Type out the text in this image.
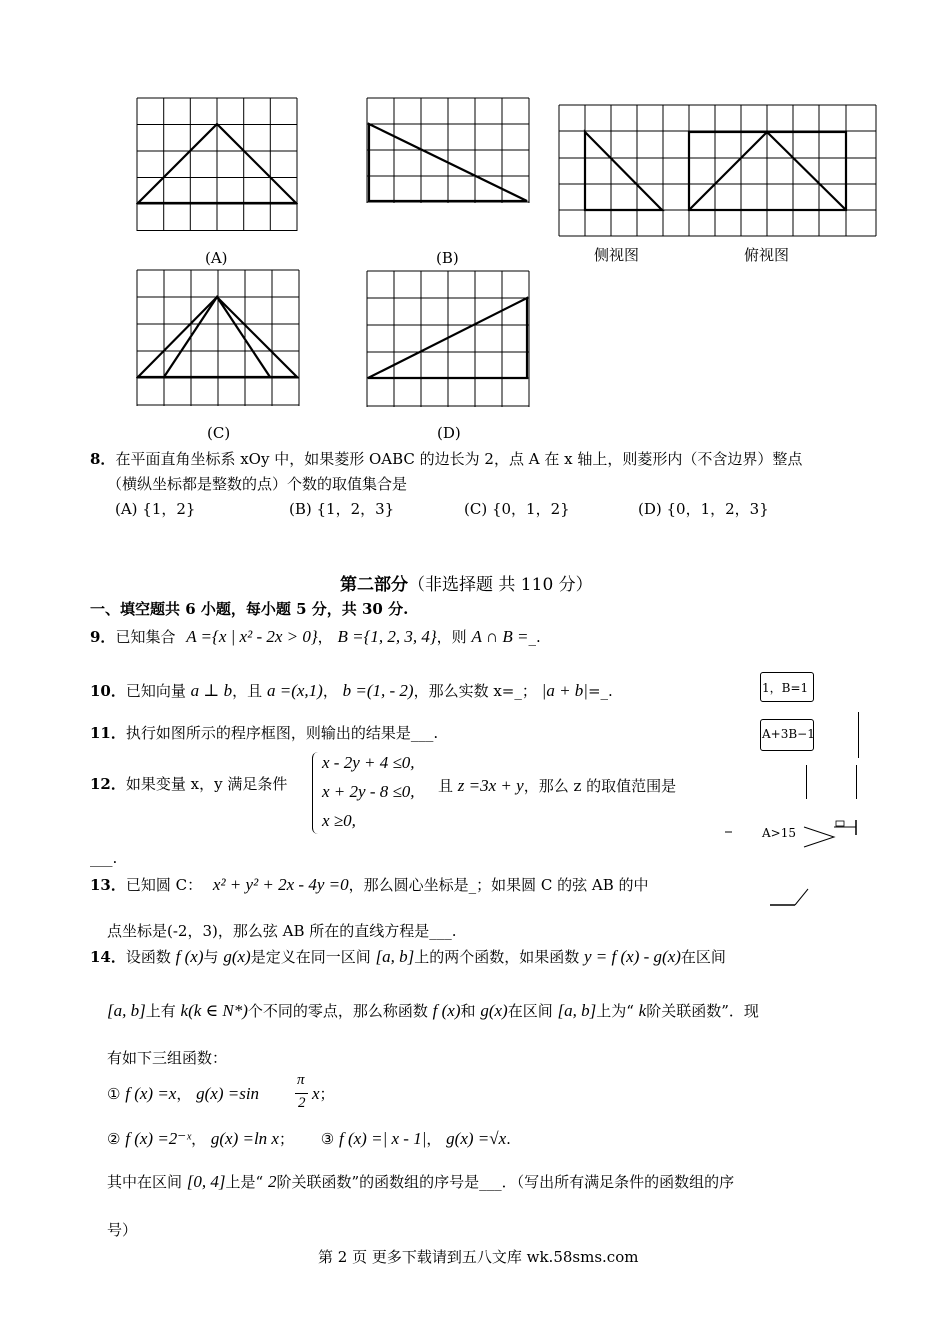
(A)	(B)	侧视图	俯视图
(C)	(D)
8．在平面直角坐标系 xOy 中，如果菱形 OABC 的边长为 2，点 A 在 x 轴上，则菱形内（不含边界）整点
（横纵坐标都是整数的点）个数的取值集合是
(A) {1，2}	(B) {1，2，3}	(C) {0，1，2}	(D) {0，1，2，3}
第二部分（非选择题 共 110 分）
一、填空题共 6 小题，每小题 5 分，共 30 分.
9．已知集合 A ={x | x² - 2x > 0}， B ={1, 2, 3, 4}，则 A ∩ B =_.
10．已知向量 a ⊥ b，且 a =(x,1)， b =(1, - 2)，那么实数 x=_； |a + b|=_.
11．执行如图所示的程序框图，则输出的结果是___.
12．如果变量 x，y 满足条件
x - 2y + 4 ≤0,
x + 2y - 8 ≤0,
x ≥0,
且 z =3x + y，那么 z 的取值范围是
___.
1，B=1
A+3B−1
A>15
13．已知圆 C： x² + y² + 2x - 4y =0，那么圆心坐标是_；如果圆 C 的弦 AB 的中
点坐标是(-2，3)，那么弦 AB 所在的直线方程是___.
14．设函数 f (x)与 g(x)是定义在同一区间 [a, b]上的两个函数，如果函数 y = f (x) - g(x)在区间
[a, b]上有 k(k ∈ N*)个不同的零点，那么称函数 f (x)和 g(x)在区间 [a, b]上为“ k阶关联函数”．现
有如下三组函数：
① f (x) =x， g(x) =sin
π
2 x；
② f (x) =2⁻ˣ， g(x) =ln x； ③ f (x) =| x - 1|， g(x) =√x.
其中在区间 [0, 4]上是“ 2阶关联函数”的函数组的序号是___．（写出所有满足条件的函数组的序
号）
第 2 页 更多下载请到五八文库 wk.58sms.com
